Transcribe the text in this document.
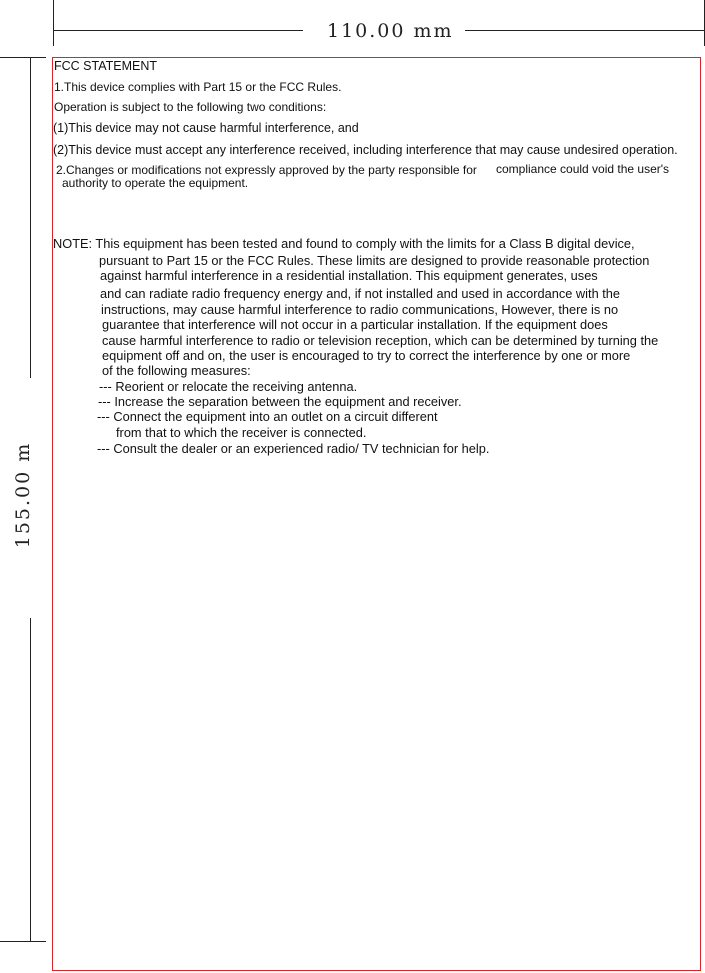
110.00 mm
155.00 m
FCC STATEMENT
1.This device complies with Part 15 or the FCC Rules.
Operation is subject to the following two conditions:
(1)This device may not cause harmful interference, and
(2)This device must accept any interference received, including interference that may cause undesired operation.
2.Changes or modifications not expressly approved by the party responsible for compliance could void the user's
authority to operate the equipment.
NOTE: This equipment has been tested and found to comply with the limits for a Class B digital device,
pursuant to Part 15 or the FCC Rules. These limits are designed to provide reasonable protection
against harmful interference in a residential installation. This equipment generates, uses
and can radiate radio frequency energy and, if not installed and used in accordance with the
instructions, may cause harmful interference to radio communications, However, there is no
guarantee that interference will not occur in a particular installation. If the equipment does
cause harmful interference to radio or television reception, which can be determined by turning the
equipment off and on, the user is encouraged to try to correct the interference by one or more
of the following measures:
--- Reorient or relocate the receiving antenna.
--- Increase the separation between the equipment and receiver.
--- Connect the equipment into an outlet on a circuit different
from that to which the receiver is connected.
--- Consult the dealer or an experienced radio/ TV technician for help.
